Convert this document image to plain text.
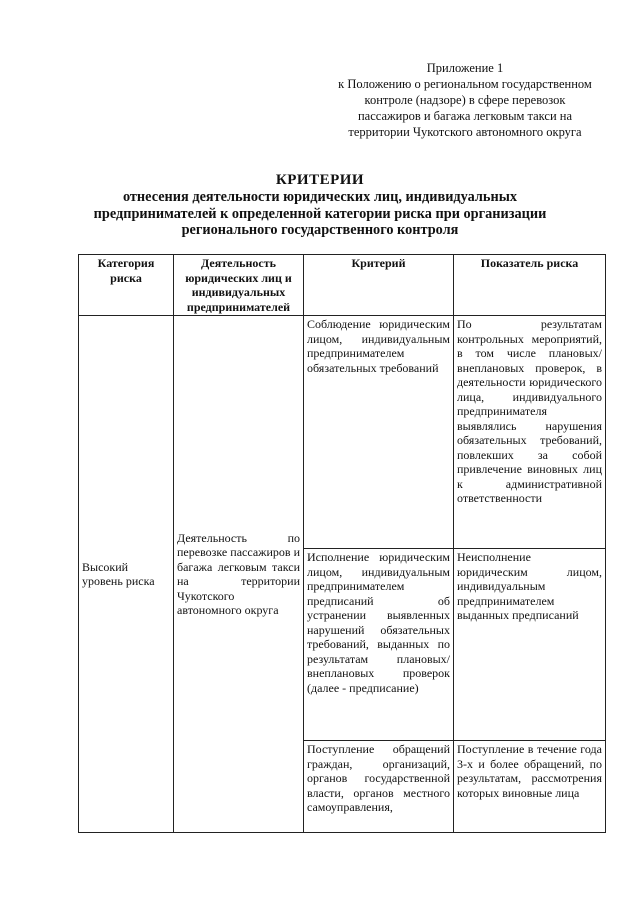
Приложение 1
к Положению о региональном государственном
контроле (надзоре) в сфере перевозок
пассажиров и багажа легковым такси на
территории Чукотского автономного округа
КРИТЕРИИ
отнесения деятельности юридических лиц, индивидуальных
предпринимателей к определенной категории риска при организации
регионального государственного контроля
Категория риска	Деятельность юридических лиц и индивидуальных предпринимателей	Критерий	Показатель риска
Высокий уровень риска	Деятельность по перевозке пассажиров и багажа легковым такси на территории Чукотского автономного округа	Соблюдение юридическим лицом, индивидуальным предпринимателем обязательных требований	По результатам контрольных мероприятий, в том числе плановых/внеплановых проверок, в деятельности юридического лица, индивидуального предпринимателя выявлялись нарушения обязательных требований, повлекших за собой привлечение виновных лиц к административной ответственности
		Исполнение юридическим лицом, индивидуальным предпринимателем предписаний об устранении выявленных нарушений обязательных требований, выданных по результатам плановых/внеплановых проверок (далее - предписание)	Неисполнение юридическим лицом, индивидуальным предпринимателем выданных предписаний
		Поступление обращений граждан, организаций, органов государственной власти, органов местного самоуправления,	Поступление в течение года 3-х и более обращений, по результатам, рассмотрения которых виновные лица
